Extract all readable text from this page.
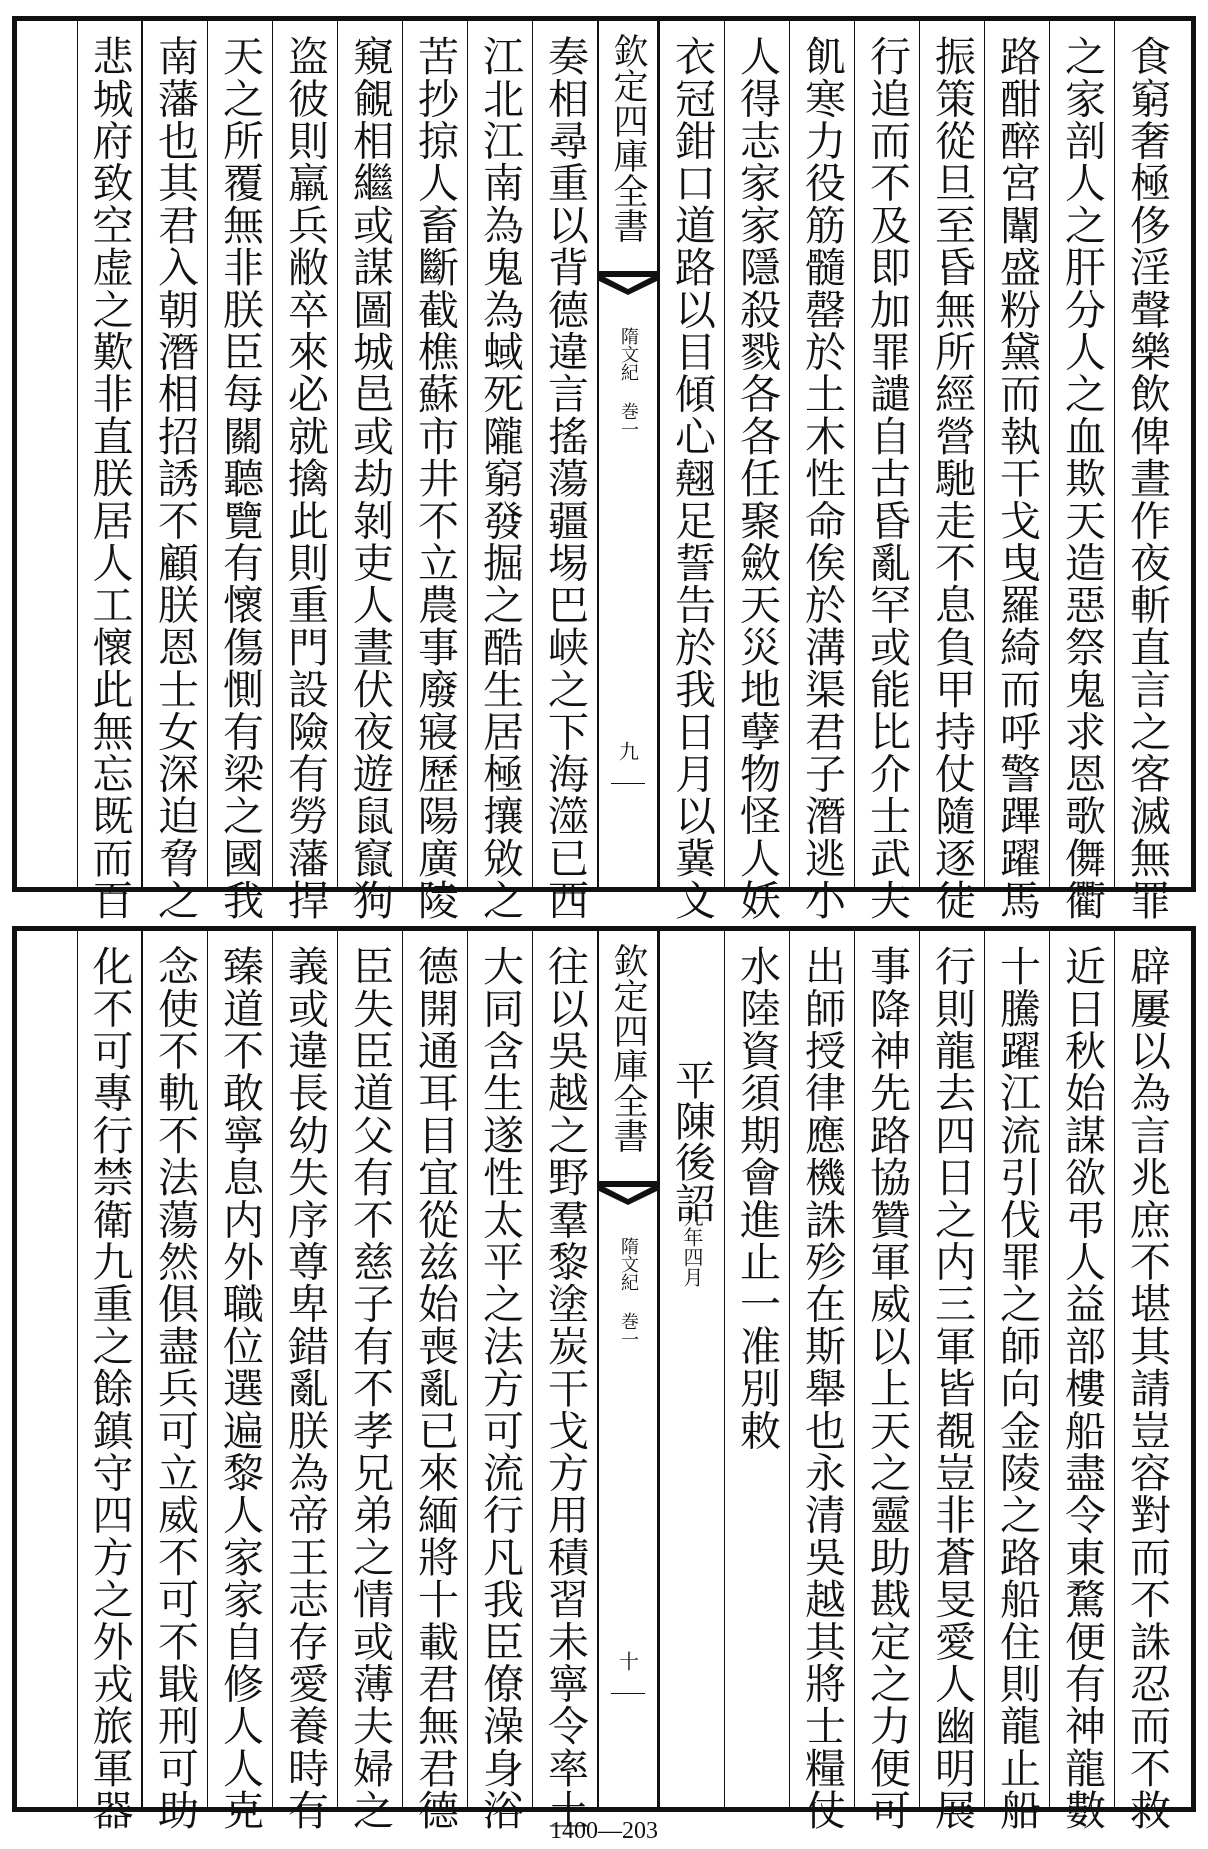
食窮奢極侈淫聲樂飲俾晝作夜斬直言之客滅無罪
之家剖人之肝分人之血欺天造惡祭鬼求恩歌儛衢
路酣醉宮闈盛粉黛而執干戈曳羅綺而呼警蹕躍馬
振策從旦至昏無所經營馳走不息負甲持仗隨逐徒
行追而不及即加罪譴自古昏亂罕或能比介士武夫
飢寒力役筋髓罄於土木性命俟於溝渠君子潛逃小
人得志家家隱殺戮各各任聚斂天災地孽物怪人妖
衣冠鉗口道路以目傾心翹足誓告於我日月以冀文
欽定四庫全書
隋文紀 巻一
九
奏相尋重以背德違言搖蕩疆埸巴峡之下海澨已西
江北江南為鬼為蜮死隴窮發掘之酷生居極攘敓之
苦抄掠人畜斷截樵蘇市井不立農事廢寢歷陽廣陵
窺覦相繼或謀圖城邑或劫剝吏人晝伏夜遊鼠竄狗
盗彼則羸兵敝卒來必就擒此則重門設險有勞藩捍
天之所覆無非朕臣每關聽覽有懷傷惻有梁之國我
南藩也其君入朝潛相招誘不顧朕恩士女深迫脅之
悲城府致空虚之歎非直朕居人工懷此無忘既而百
辟屢以為言兆庶不堪其請豈容對而不誅忍而不救
近日秋始謀欲弔人益部樓船盡令東騖便有神龍數
十騰躍江流引伐罪之師向金陵之路船住則龍止船
行則龍去四日之内三軍皆覩豈非蒼旻愛人幽明展
事降神先路協贊軍威以上天之靈助戡定之力便可
出師授律應機誅殄在斯舉也永清吳越其將士糧仗
水陸資須期會進止一准別敕
平陳後詔
九年四月
欽定四庫全書
隋文紀 巻一
十
往以吳越之野羣黎塗炭干戈方用積習未寧令率土
大同含生遂性太平之法方可流行凡我臣僚澡身浴
德開通耳目宜從兹始喪亂已來緬將十載君無君德
臣失臣道父有不慈子有不孝兄弟之情或薄夫婦之
義或違長幼失序尊卑錯亂朕為帝王志存愛養時有
臻道不敢寧息内外職位選遍黎人家家自修人人克
念使不軌不法蕩然俱盡兵可立威不可不戢刑可助
化不可專行禁衛九重之餘鎮守四方之外戎旅軍器	1400—203
